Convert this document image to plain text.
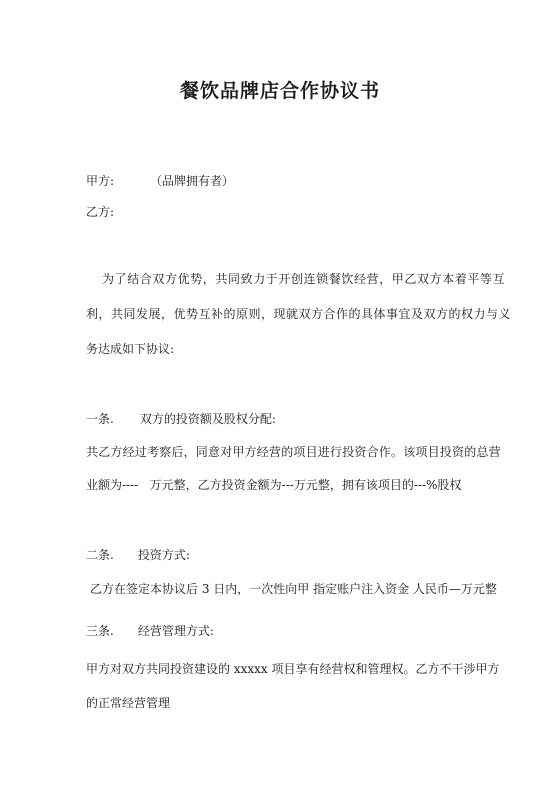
餐饮品牌店合作协议书
甲方:	（品牌拥有者）
乙方:
为了结合双方优势，共同致力于开创连锁餐饮经营，甲乙双方本着平等互
利，共同发展，优势互补的原则，现就双方合作的具体事宜及双方的权力与义
务达成如下协议:
一条. 双方的投资额及股权分配:
共乙方经过考察后，同意对甲方经营的项目进行投资合作。该项目投资的总营
业额为----   万元整，乙方投资金额为---万元整，拥有该项目的---%股权
二条. 投资方式:
乙方在签定本协议后 3 日内，一次性向甲 指定账户注入资金 人民币—万元整
三条. 经营管理方式:
甲方对双方共同投资建设的 xxxxx 项目享有经营权和管理权。乙方不干涉甲方
的正常经营管理
